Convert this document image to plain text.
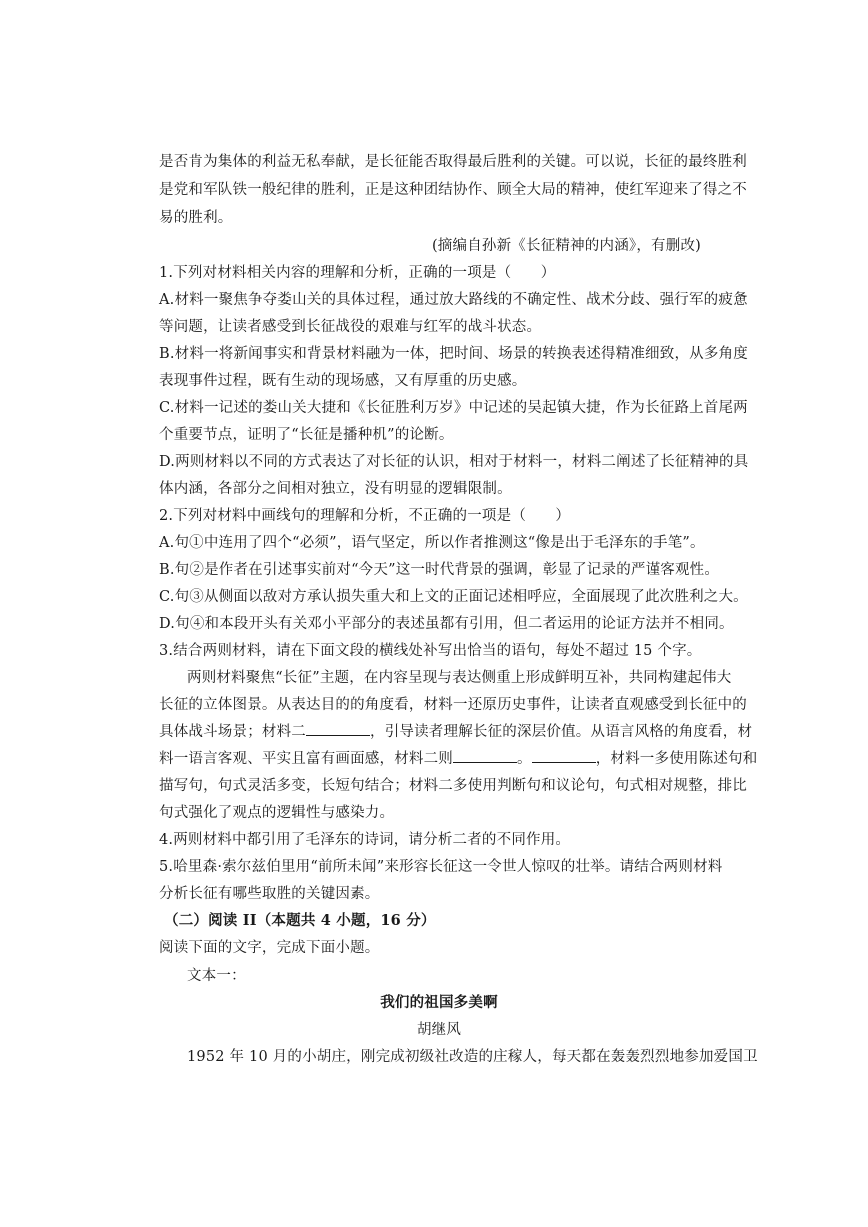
是否肯为集体的利益无私奉献，是长征能否取得最后胜利的关键。可以说，长征的最终胜利
是党和军队铁一般纪律的胜利，正是这种团结协作、顾全大局的精神，使红军迎来了得之不
易的胜利。
(摘编自孙新《长征精神的内涵》，有删改)
1.下列对材料相关内容的理解和分析，正确的一项是（　　）
A.材料一聚焦争夺娄山关的具体过程，通过放大路线的不确定性、战术分歧、强行军的疲惫
等问题，让读者感受到长征战役的艰难与红军的战斗状态。
B.材料一将新闻事实和背景材料融为一体，把时间、场景的转换表述得精准细致，从多角度
表现事件过程，既有生动的现场感，又有厚重的历史感。
C.材料一记述的娄山关大捷和《长征胜利万岁》中记述的吴起镇大捷，作为长征路上首尾两
个重要节点，证明了“长征是播种机”的论断。
D.两则材料以不同的方式表达了对长征的认识，相对于材料一，材料二阐述了长征精神的具
体内涵，各部分之间相对独立，没有明显的逻辑限制。
2.下列对材料中画线句的理解和分析，不正确的一项是（　　）
A.句①中连用了四个“必须”，语气坚定，所以作者推测这“像是出于毛泽东的手笔”。
B.句②是作者在引述事实前对“今天”这一时代背景的强调，彰显了记录的严谨客观性。
C.句③从侧面以敌对方承认损失重大和上文的正面记述相呼应，全面展现了此次胜利之大。
D.句④和本段开头有关邓小平部分的表述虽都有引用，但二者运用的论证方法并不相同。
3.结合两则材料，请在下面文段的横线处补写出恰当的语句，每处不超过 15 个字。
两则材料聚焦“长征”主题，在内容呈现与表达侧重上形成鲜明互补，共同构建起伟大
长征的立体图景。从表达目的的角度看，材料一还原历史事件，让读者直观感受到长征中的
具体战斗场景；材料二	，引导读者理解长征的深层价值。从语言风格的角度看，材
料一语言客观、平实且富有画面感，材料二则	。	，材料一多使用陈述句和
描写句，句式灵活多变，长短句结合；材料二多使用判断句和议论句，句式相对规整，排比
句式强化了观点的逻辑性与感染力。
4.两则材料中都引用了毛泽东的诗词，请分析二者的不同作用。
5.哈里森·索尔兹伯里用“前所未闻”来形容长征这一令世人惊叹的壮举。请结合两则材料
分析长征有哪些取胜的关键因素。
（二）阅读 II（本题共 4 小题，16 分）
阅读下面的文字，完成下面小题。
文本一：
我们的祖国多美啊
胡继风
1952 年 10 月的小胡庄，刚完成初级社改造的庄稼人，每天都在轰轰烈烈地参加爱国卫
